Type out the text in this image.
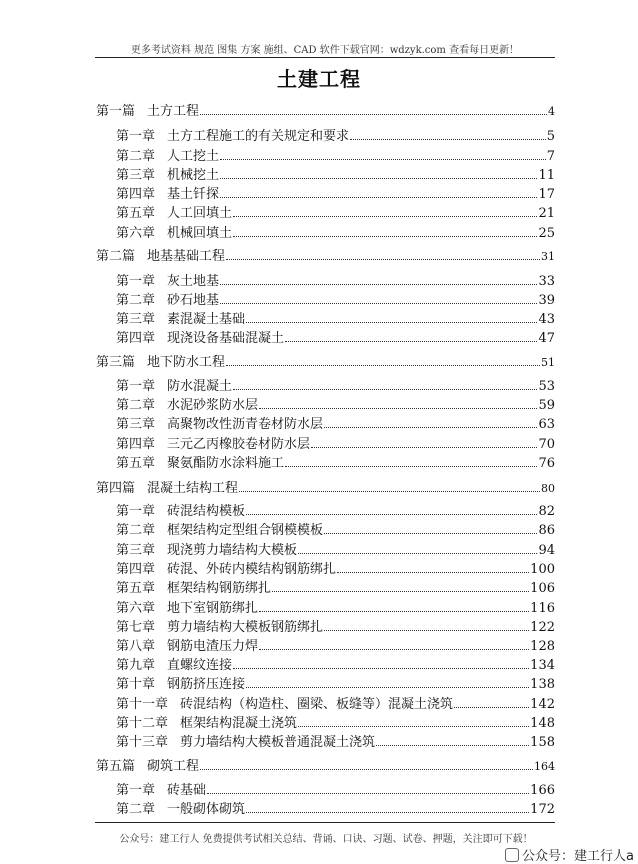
更多考试资料 规范 图集 方案 施组、CAD 软件下载官网：wdzyk.com 查看每日更新！
土建工程
第一篇 土方工程	4
第一章 土方工程施工的有关规定和要求	5
第二章 人工挖土	7
第三章 机械挖土	11
第四章 基土钎探	17
第五章 人工回填土	21
第六章 机械回填土	25
第二篇 地基基础工程	31
第一章 灰土地基	33
第二章 砂石地基	39
第三章 素混凝土基础	43
第四章 现浇设备基础混凝土	47
第三篇 地下防水工程	51
第一章 防水混凝土	53
第二章 水泥砂浆防水层	59
第三章 高聚物改性沥青卷材防水层	63
第四章 三元乙丙橡胶卷材防水层	70
第五章 聚氨酯防水涂料施工	76
第四篇 混凝土结构工程	80
第一章 砖混结构模板	82
第二章 框架结构定型组合钢模模板	86
第三章 现浇剪力墙结构大模板	94
第四章 砖混、外砖内模结构钢筋绑扎	100
第五章 框架结构钢筋绑扎	106
第六章 地下室钢筋绑扎	116
第七章 剪力墙结构大模板钢筋绑扎	122
第八章 钢筋电渣压力焊	128
第九章 直螺纹连接	134
第十章 钢筋挤压连接	138
第十一章 砖混结构（构造柱、圈梁、板缝等）混凝土浇筑	142
第十二章 框架结构混凝土浇筑	148
第十三章 剪力墙结构大模板普通混凝土浇筑	158
第五篇 砌筑工程	164
第一章 砖基础	166
第二章 一般砌体砌筑	172
公众号：建工行人 免费提供考试相关总结、背诵、口诀、习题、试卷、押题，关注即可下载！
公众号：建工行人a
